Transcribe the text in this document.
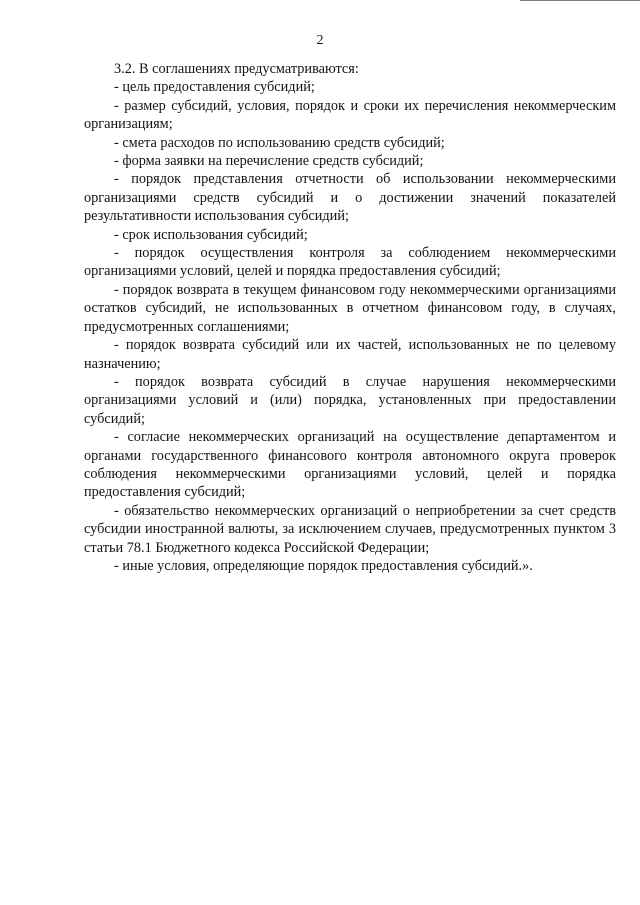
2

3.2. В соглашениях предусматриваются:

- цель предоставления субсидий;

- размер субсидий, условия, порядок и сроки их перечисления некоммерческим организациям;

- смета расходов по использованию средств субсидий;

- форма заявки на перечисление средств субсидий;

- порядок представления отчетности об использовании некоммерческими организациями средств субсидий и о достижении значений показателей результативности использования субсидий;

- срок использования субсидий;

- порядок осуществления контроля за соблюдением некоммерческими организациями условий, целей и порядка предоставления субсидий;

- порядок возврата в текущем финансовом году некоммерческими организациями остатков субсидий, не использованных в отчетном финансовом году, в случаях, предусмотренных соглашениями;

- порядок возврата субсидий или их частей, использованных не по целевому назначению;

- порядок возврата субсидий в случае нарушения некоммерческими организациями условий и (или) порядка, установленных при предоставлении субсидий;

- согласие некоммерческих организаций на осуществление департаментом и органами государственного финансового контроля автономного округа проверок соблюдения некоммерческими организациями условий, целей и порядка предоставления субсидий;

- обязательство некоммерческих организаций о неприобретении за счет средств субсидии иностранной валюты, за исключением случаев, предусмотренных пунктом 3 статьи 78.1 Бюджетного кодекса Российской Федерации;

- иные условия, определяющие порядок предоставления субсидий.».
